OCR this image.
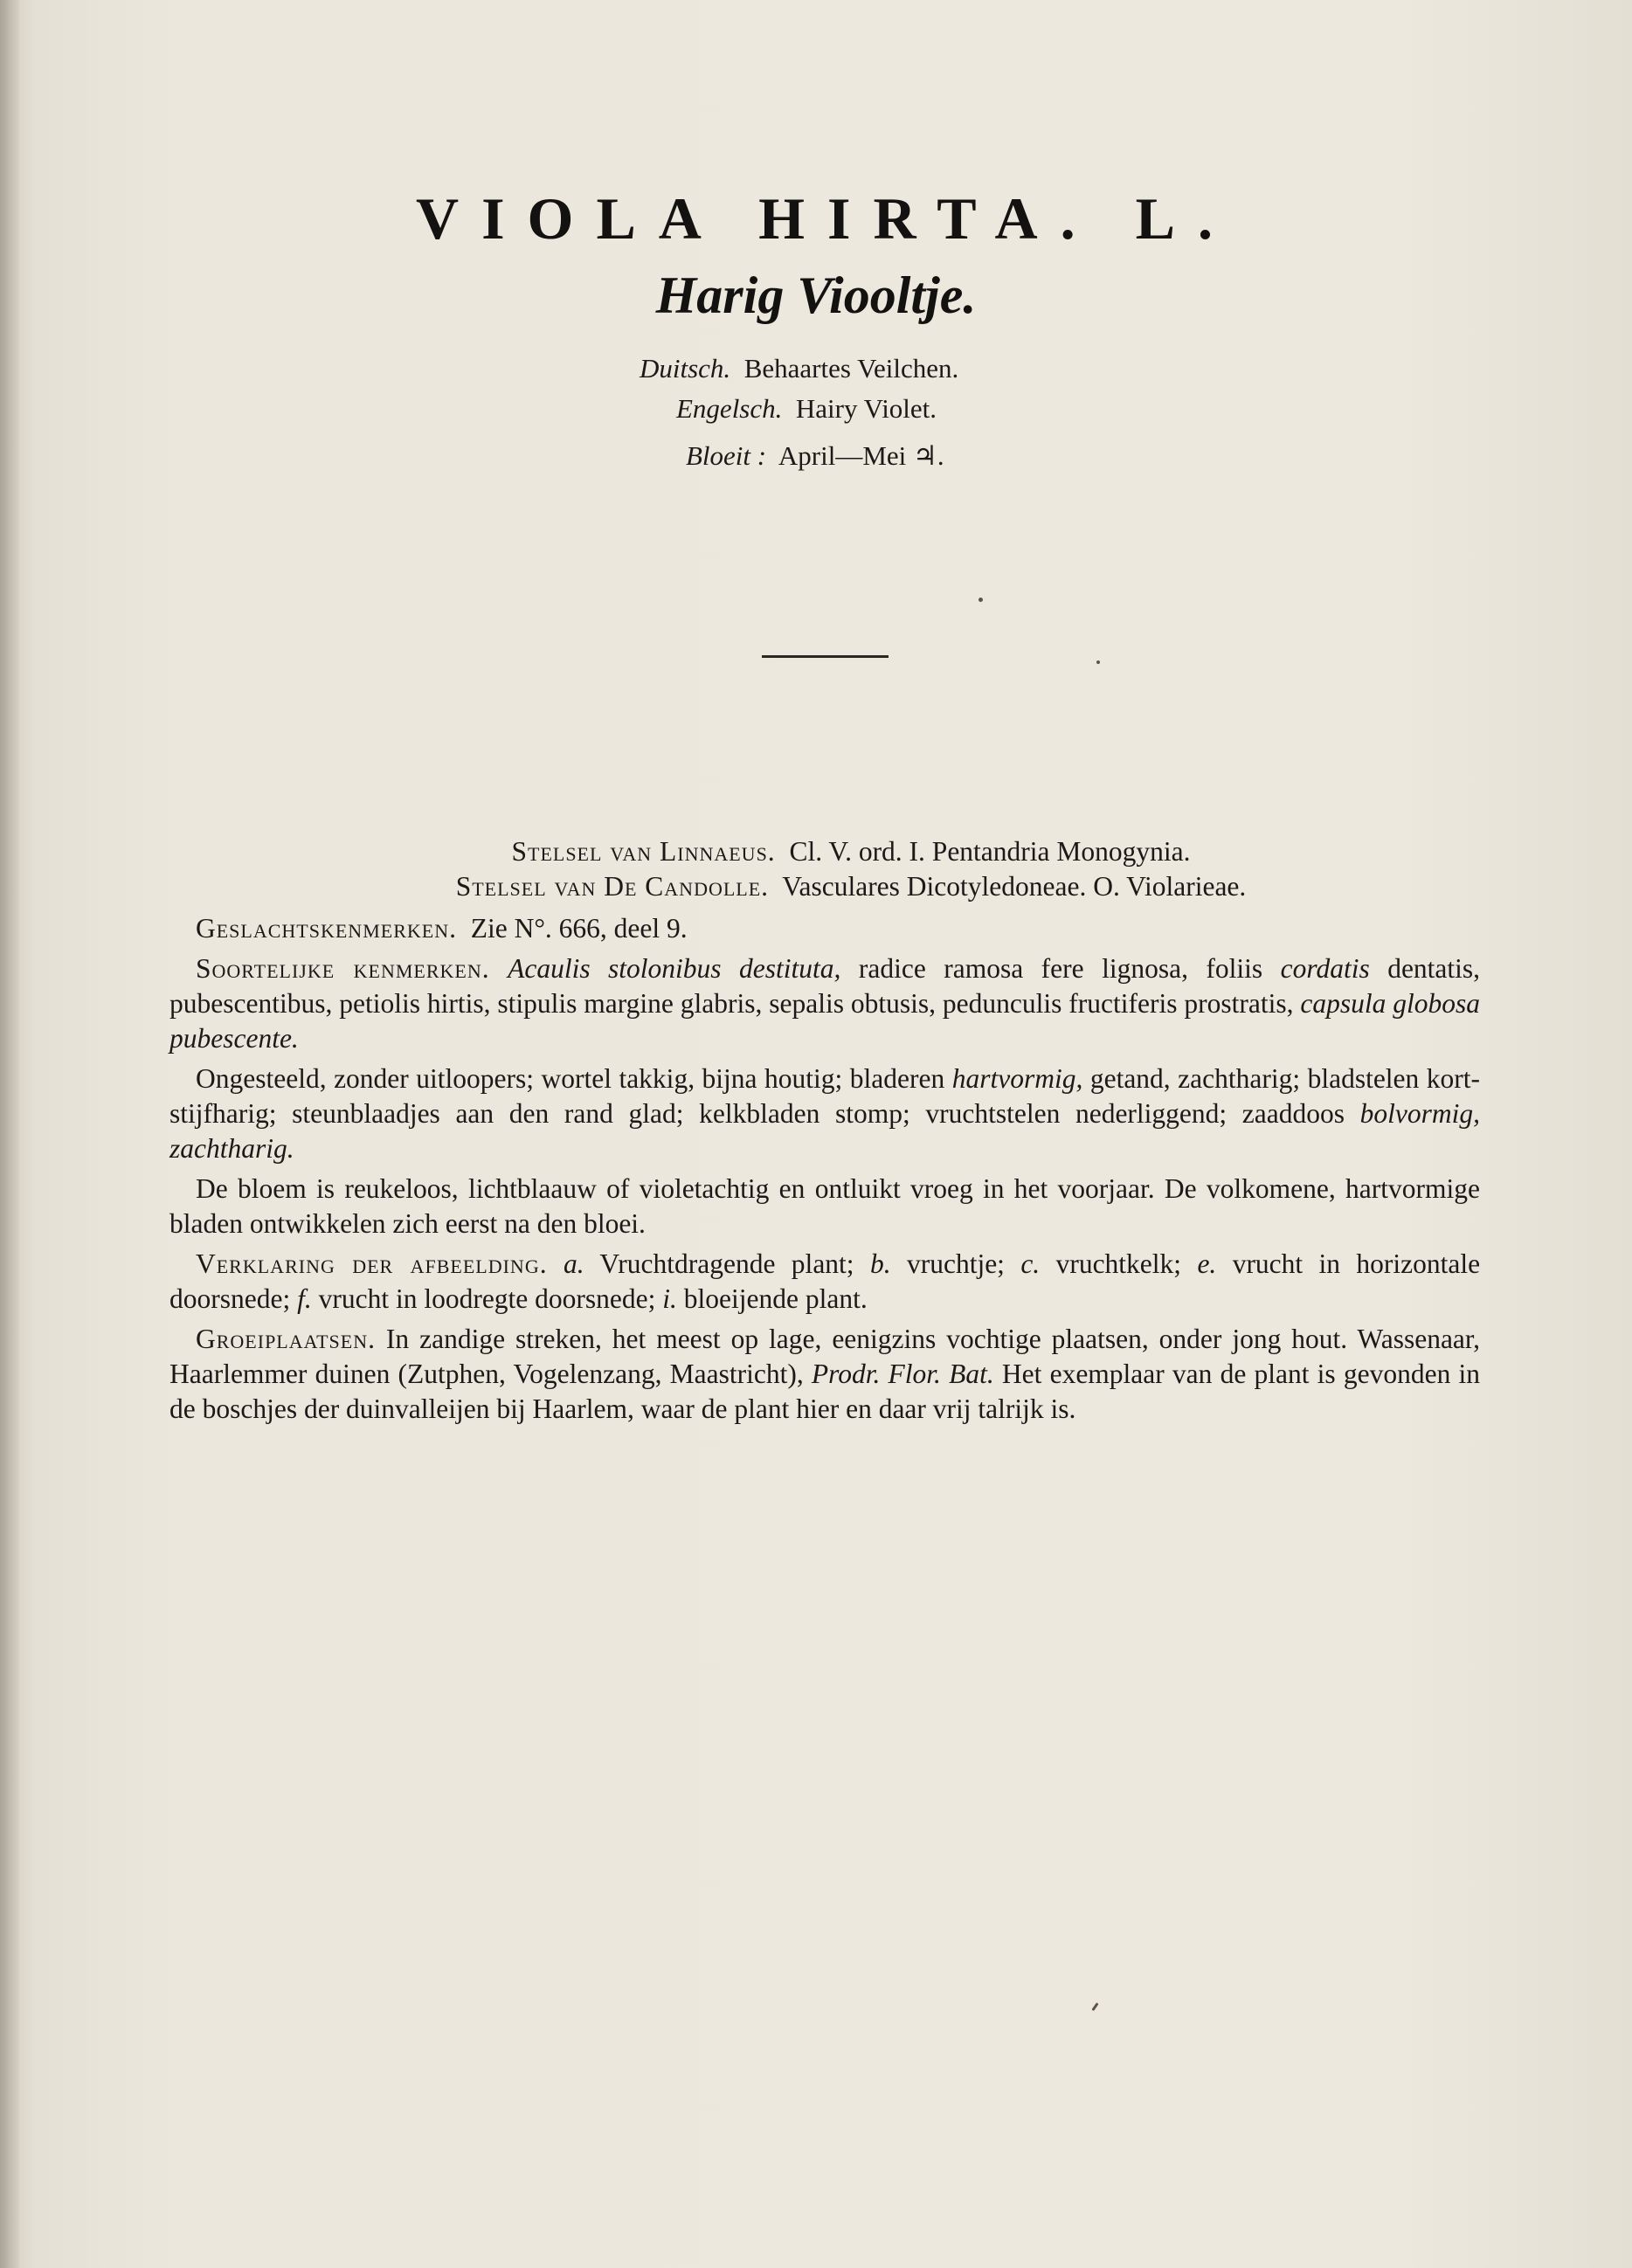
VIOLA HIRTA. L.
Harig Viooltje.
Duitsch. Behaartes Veilchen.
Engelsch. Hairy Violet.
Bloeit : April—Mei ♃.
Stelsel van Linnaeus. Cl. V. ord. I. Pentandria Monogynia.
Stelsel van De Candolle. Vasculares Dicotyledoneae. O. Violarieae.

Geslachtskenmerken. Zie N°. 666, deel 9.

Soortelijke kenmerken. Acaulis stolonibus destituta, radice ramosa fere lignosa, foliis cordatis dentatis, pubescentibus, petiolis hirtis, stipulis margine glabris, sepalis obtusis, pedunculis fructiferis prostratis, capsula globosa pubescente.

Ongesteeld, zonder uitloopers; wortel takkig, bijna houtig; bladeren hartvormig, getand, zachtharig; bladstelen kort-stijfharig; steunblaadjes aan den rand glad; kelkbladen stomp; vruchtstelen nederliggend; zaaddoos bolvormig, zachtharig.

De bloem is reukeloos, lichtblaauw of violetachtig en ontluikt vroeg in het voorjaar. De volkomene, hartvormige bladen ontwikkelen zich eerst na den bloei.

Verklaring der afbeelding. a. Vruchtdragende plant; b. vruchtje; c. vruchtkelk; e. vrucht in horizontale doorsnede; f. vrucht in loodregte doorsnede; i. bloeijende plant.

Groeiplaatsen. In zandige streken, het meest op lage, eenigzins vochtige plaatsen, onder jong hout. Wassenaar, Haarlemmer duinen (Zutphen, Vogelenzang, Maastricht), Prodr. Flor. Bat. Het exemplaar van de plant is gevonden in de boschjes der duinvalleijen bij Haarlem, waar de plant hier en daar vrij talrijk is.
